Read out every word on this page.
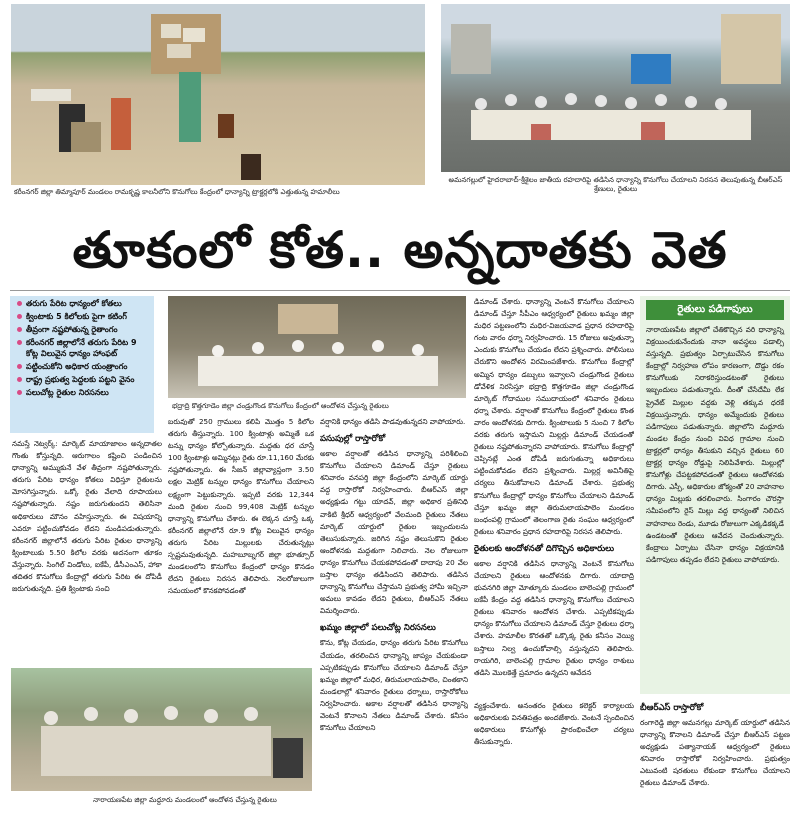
కరీంనగర్ జిల్లా తిమ్మాపూర్ మండలం రామకృష్ణ కాలనీలోని కొనుగోలు కేంద్రంలో ధాన్యాన్ని ట్రాక్టర్లలోకి ఎత్తుతున్న హమాలీలు
అమనగల్లులో హైదరాబాద్-శ్రీశైలం జాతీయ రహదారిపై తడిసిన ధాన్యాన్ని కొనుగోలు చేయాలని నిరసన తెలుపుతున్న బీఆర్ఎస్ శ్రేణులు, రైతులు
తూకంలో కోత.. అన్నదాతకు వెత
తరుగు పేరిట ధాన్యంలో కోతలు
క్వింటాకు 5 కిలోలకు పైగా కటింగ్
తీవ్రంగా నష్టపోతున్న రైతాంగం
కరీంనగర్ జిల్లాలోనే తరుగు పేరిట 9 కోట్ల విలువైన ధాన్యం హాంఫట్
పట్టించుకోని అధికార యంత్రాంగం
రాష్ట్ర ప్రభుత్వ పెద్దలకు పట్టని వైనం
పలుచోట్ల రైతుల నిరసనలు
భద్రాద్రి కొత్తగూడెం జిల్లా చండ్రుగొండ కొనుగోలు కేంద్రంలో ఆందోళన చేస్తున్న రైతులు

నమస్తే నెట్వర్క్: మార్కెట్ మాయాజాలం అన్నదాతల గొంతు కోస్తున్నది. ఆరుగాలం కష్టించి పండించిన ధాన్యాన్ని అమ్ముకునే వేళ తీవ్రంగా నష్టపోతున్నారు. తరుగు పేరిట ధాన్యం కోతలు విధిస్తూ రైతులను మోసగిస్తున్నారు. ఒక్కో రైతు వేలాది రూపాయలు నష్టపోతున్నారు. నష్టం జరుగుతుందని తెలిసినా అధికారులు మౌనం వహిస్తున్నారు. ఈ విషయాన్ని ఎవరూ పట్టించుకోవడం లేదని మండిపడుతున్నారు. కరీంనగర్ జిల్లాలోనే తరుగు పేరిట రైతుల ధాన్యాన్ని క్వింటాలుకు 5.50 కిలోల వరకు అదనంగా తూకం వేస్తున్నారు. సింగిల్ విండోలు, ఐకేపీ, డీసీఎంఎస్, హాకా తదితర కొనుగోలు కేంద్రాల్లో తరుగు పేరిట ఈ దోపిడీ జరుగుతున్నది. ప్రతి క్వింటాకు సంచి

నారాయణపేట జిల్లా మద్దూరు మండలంలో ఆందోళన చేస్తున్న రైతులు

బరువుతో 250 గ్రాములు కలిపి మొత్తం 5 కిలోల తరుగు తీస్తున్నారు. 100 క్వింటాళ్లు అమ్మితే ఒక టన్ను ధాన్యం కోల్పోతున్నారు. మద్దతు ధర చూస్తే 100 క్వింటాళ్లు అమ్మినట్లు రైతు రూ.11,160 మేరకు నష్టపోతున్నారు. ఈ సీజన్ జిల్లావ్యాప్తంగా 3.50 లక్షల మెట్రిక్ టన్నుల ధాన్యం కొనుగోలు చేయాలని లక్ష్యంగా పెట్టుకున్నారు. ఇప్పటి వరకు 12,344 మంది రైతుల నుంచి 99,408 మెట్రిక్ టన్నుల ధాన్యాన్ని కొనుగోలు చేశారు. ఈ లెక్కన చూస్తే ఒక్క కరీంనగర్ జిల్లాలోనే రూ.9 కోట్ల విలువైన ధాన్యం తరుగు పేరిట మిల్లులకు చేరుతున్నట్లు స్పష్టమవుతున్నది. మహబూబ్నగర్ జిల్లా భూత్పూర్ మండలంలోని కొనుగోలు కేంద్రంలో ధాన్యం కొనడం లేదని రైతులు నిరసన తెలిపారు. నెలరోజులుగా సమయంలో కొనకపోవడంతో

వర్షానికి ధాన్యం తడిసి పాడవుతున్నదని వాపోయారు.

పసుపుల్లో రాస్తారోకో

అకాల వర్షాలతో తడిసిన ధాన్యాన్ని పరిశీలించి కొనుగోలు చేయాలని డిమాండ్ చేస్తూ రైతులు శనివారం వనపర్తి జిల్లా కేంద్రంలోని మార్కెట్ యార్డు వద్ద రాస్తారోకో నిర్వహించారు. బీఆర్ఎస్ జిల్లా అధ్యక్షుడు గట్టు యాదవ్, జిల్లా అధికార ప్రతినిధి వాకిటి శ్రీధర్ ఆధ్వర్యంలో వేలమంది రైతులు నేతలు మార్కెట్ యార్డులో రైతుల ఇబ్బందులను తెలుసుకున్నారు. జరిగిన నష్టం తెలుసుకొని రైతుల ఆందోళనకు మద్దతుగా నిలిచారు. నెల రోజులుగా ధాన్యం కొనుగోలు చేయకపోవడంతో దాదాపు 20 వేల బస్తాల ధాన్యం తడిసిందని తెలిపారు. తడిసిన ధాన్యాన్ని కొనుగోలు చేస్తామని ప్రభుత్వ హామీ ఇచ్చినా అమలు కావడం లేదని రైతులు, బీఆర్ఎస్ నేతలు విమర్శించారు.

ఖమ్మం జిల్లాలో పలుచోట్ల నిరసనలు

కొను, కోట్ల చేయడం, ధాన్యం తరుగు పేరిట కొనుగోలు చేయడం, తరలించిన ధాన్యాన్ని జాప్యం చేయకుండా ఎప్పటికప్పుడు కొనుగోలు చేయాలని డిమాండ్ చేస్తూ ఖమ్మం జిల్లాలో మధిర, తిరుమలాయపాలెం, చింతకాని మండలాల్లో శనివారం రైతులు ధర్నాలు, రాస్తారోకోలు నిర్వహించారు. అకాల వర్షాలతో తడిసిన ధాన్యాన్ని వెంటనే కొనాలని నేతలు డిమాండ్ చేశారు. కనీసం కొనుగోలు చేయాలని

డిమాండ్ చేశారు. ధాన్యాన్ని వెంటనే కొనుగోలు చేయాలని డిమాండ్ చేస్తూ సీపీఎం ఆధ్వర్యంలో రైతులు ఖమ్మం జిల్లా మధిర పట్టణంలోని మధిర-విజయవాడ ప్రధాన రహదారిపై గంట వారం ధర్నా నిర్వహించారు. 15 రోజులు అవుతున్నా ఎందుకు కొనుగోలు చేయడం లేదని ప్రశ్నించారు. పోలీసులు చేరుకొని ఆందోళన విరమింపజేశారు. కొనుగోలు కేంద్రాల్లో అమ్మిన ధాన్యం డబ్బులు ఇవ్వాలని చండ్రుగొండ రైతులు డోవేళిక నిరసిస్తూ భద్రాద్రి కొత్తగూడెం జిల్లా చండ్రుగొండ మార్కెట్ గోదాముల సముదాయంలో శనివారం రైతులు ధర్నా చేశారు. వర్షాలతో కొనుగోలు కేంద్రంలో రైతులు కొంత వారం ఆందోళనకు దిగారు. క్వింటాలుకు 5 నుంచి 7 కిలోల వరకు తరుగు ఇస్తామని మిల్లర్లు డిమాండ్ చేయడంతో రైతులు నష్టపోతున్నారని వాపోయారు. కొనుగోలు కేంద్రాల్లో చెప్పినట్లే ఎంత దోపిడీ జరుగుతున్నా అధికారులు పట్టించుకోవడం లేదని ప్రశ్నించారు. మిల్లర్ల అవినీతిపై చర్యలు తీసుకోవాలని డిమాండ్ చేశారు. ప్రభుత్వ కొనుగోలు కేంద్రాల్లో ధాన్యం కొనుగోలు చేయాలని డిమాండ్ చేస్తూ ఖమ్మం జిల్లా తిరుమలాయపాలెం మండలం బంధంపల్లి గ్రామంలో తెలంగాణ రైతు సంఘం ఆధ్వర్యంలో రైతులు శనివారం ప్రధాన రహదారిపై నిరసన తెలిపారు.

రైతులకు ఆందోళనతో దిగొచ్చిన అధికారులు

అకాల వర్షానికి తడిసిన ధాన్యాన్ని వెంటనే కొనుగోలు చేయాలని రైతులు ఆందోళనకు దిగారు. యాదాద్రి భువనగిరి జిల్లా మోత్కూరు మండలం బాలెంపల్లి గ్రామంలో ఐకేపీ కేంద్రం వద్ద తడిసిన ధాన్యాన్ని కొనుగోలు చేయాలని రైతులు శనివారం ఆందోళన చేశారు. ఎప్పటికప్పుడు ధాన్యం కొనుగోలు చేయాలని డిమాండ్ చేస్తూ రైతులు ధర్నా చేశారు. హమాలీల కొరతతో ఒక్కొక్క రైతు కనీసం వెయ్యి బస్తాలు నిల్వ ఉంచుకోవాల్సి వస్తున్నదని తెలిపారు. రాయగిరి, బాలెంపల్లి గ్రామాల రైతుల ధాన్యం రాశులు తడిసి మొలకెత్తే ప్రమాదం ఉన్నదని ఆవేదన

వ్యక్తంచేశారు. అనంతరం రైతులు కలెక్టర్ కార్యాలయ అధికారులకు వినతిపత్రం అందజేశారు. వెంటనే స్పందించిన అధికారులు కొనుగోళ్లు ప్రారంభించేలా చర్యలు తీసుకున్నారు.

బీఆర్ఎస్ రాస్తారోకో

రంగారెడ్డి జిల్లా ఆమనగల్లు మార్కెట్ యార్డులో తడిసిన ధాన్యాన్ని కొనాలని డిమాండ్ చేస్తూ బీఆర్ఎస్ పట్టణ అధ్యక్షుడు పత్యానాయక్ ఆధ్వర్యంలో రైతులు శనివారం రాస్తారోకో నిర్వహించారు. ప్రభుత్వం ఎటువంటి షరతులు లేకుండా కొనుగోలు చేయాలని రైతులు డిమాండ్ చేశారు.

రైతులు పడిగాపులు

నారాయణపేట జిల్లాలో చేతికొచ్చిన వరి ధాన్యాన్ని విక్రయించుకునేందుకు నానా అవస్థలు పడాల్సి వస్తున్నది. ప్రభుత్వం ఏర్పాటుచేసిన కొనుగోలు కేంద్రాల్లో నిర్వహణ లోపం కారణంగా, దొడ్డు రకం కొనుగోలుకు నిరాకరిస్తుండటంతో రైతులు ఇబ్బందులు పడుతున్నారు. దీంతో చేసేదేమీ లేక ప్రైవేట్ మిల్లుల వద్దకు వెళ్లి తక్కువ ధరకే విక్రయిస్తున్నారు. ధాన్యం అమ్మేందుకు రైతులు పడిగాపులు పడుతున్నారు. జిల్లాలోని మద్దూరు మండల కేంద్రం నుంచి వివిధ గ్రామాల నుంచి ట్రాక్టర్లలో ధాన్యం తీసుకుని వచ్చిన రైతులు 60 ట్రాక్టర్ల ధాన్యం రోడ్డుపై నిలిపివేశారు. మిల్లుల్లో కొనుగోళ్లు చేపట్టకపోవడంతో రైతులు ఆందోళనకు దిగారు. ఎస్పీ, అధికారుల జోక్యంతో 20 వాహనాల ధాన్యం మిల్లుకు తరలించారు. సింగారం చౌరస్తా సమీపంలోని రైస్ మిల్లు వద్ద ధాన్యంతో నిలిచిన వాహనాలు రెండు, మూడు రోజులుగా ఎక్కడికక్కడే ఉండటంతో రైతులు ఆవేదన చెందుతున్నారు. కేంద్రాలు ఏర్పాటు చేసినా ధాన్యం విక్రయానికి పడిగాపులు తప్పడం లేదని రైతులు వాపోయారు.
